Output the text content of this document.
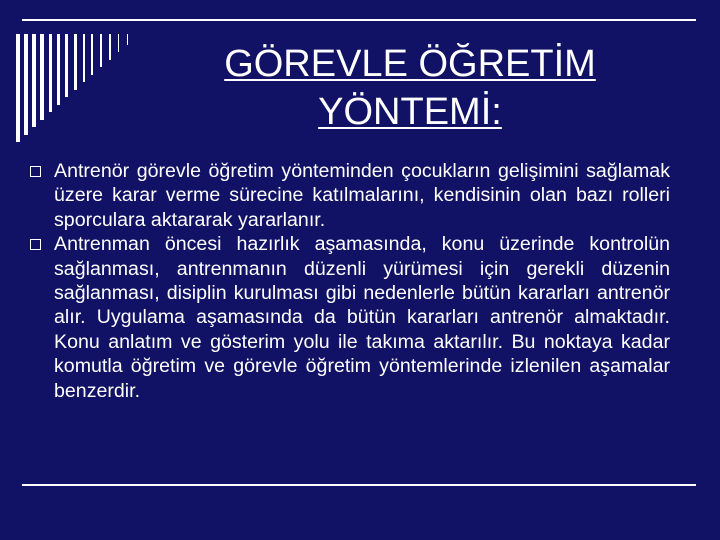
GÖREVLE ÖĞRETİM
YÖNTEMİ:
Antrenör görevle öğretim yönteminden çocukların gelişimini sağlamak üzere karar verme sürecine katılmalarını, kendisinin olan bazı rolleri sporculara aktararak yararlanır.
Antrenman öncesi hazırlık aşamasında, konu üzerinde kontrolün sağlanması, antrenmanın düzenli yürümesi için gerekli düzenin sağlanması, disiplin kurulması gibi nedenlerle bütün kararları antrenör alır. Uygulama aşamasında da bütün kararları antrenör almaktadır. Konu anlatım ve gösterim yolu ile takıma aktarılır. Bu noktaya kadar komutla öğretim ve görevle öğretim yöntemlerinde izlenilen aşamalar benzerdir.
